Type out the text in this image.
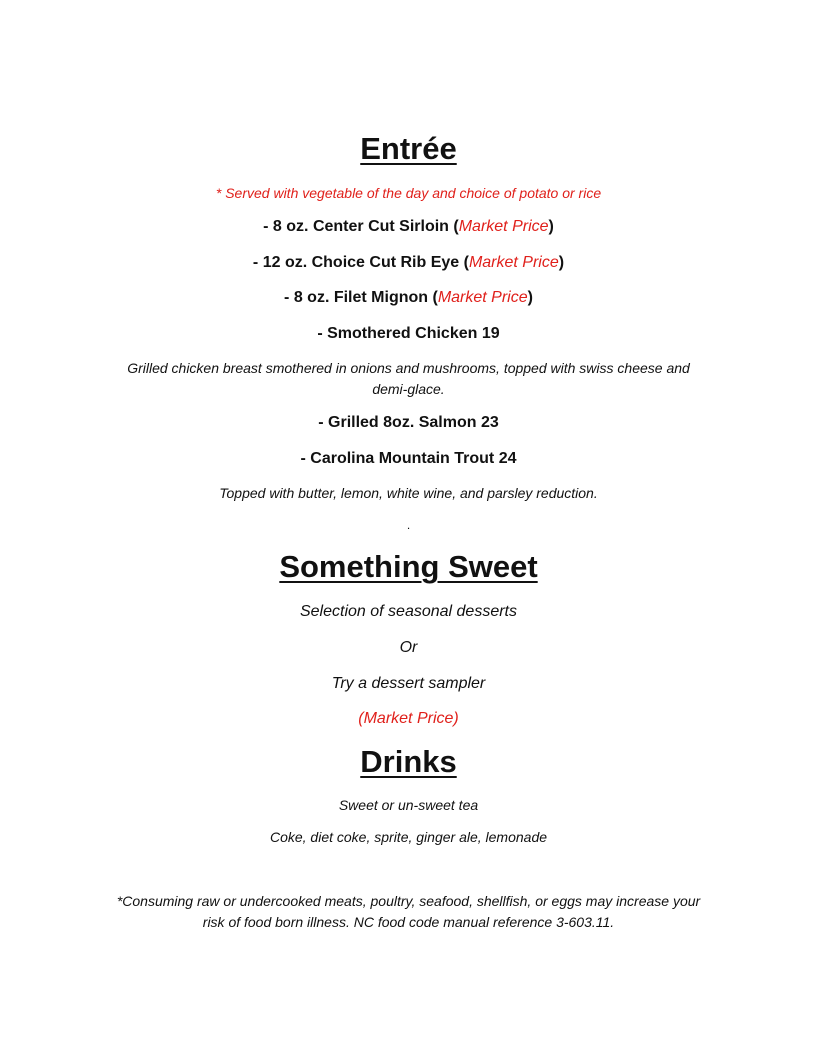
Entrée
* Served with vegetable of the day and choice of potato or rice
- 8 oz. Center Cut Sirloin (Market Price)
- 12 oz. Choice Cut Rib Eye (Market Price)
- 8 oz. Filet Mignon (Market Price)
- Smothered Chicken 19
Grilled chicken breast smothered in onions and mushrooms, topped with swiss cheese and
demi-glace.
- Grilled 8oz. Salmon 23
- Carolina Mountain Trout 24
Topped with butter, lemon, white wine, and parsley reduction.
.
Something Sweet
Selection of seasonal desserts
Or
Try a dessert sampler
(Market Price)
Drinks
Sweet or un-sweet tea
Coke, diet coke, sprite, ginger ale, lemonade
*Consuming raw or undercooked meats, poultry, seafood, shellfish, or eggs may increase your
risk of food born illness. NC food code manual reference 3-603.11.
